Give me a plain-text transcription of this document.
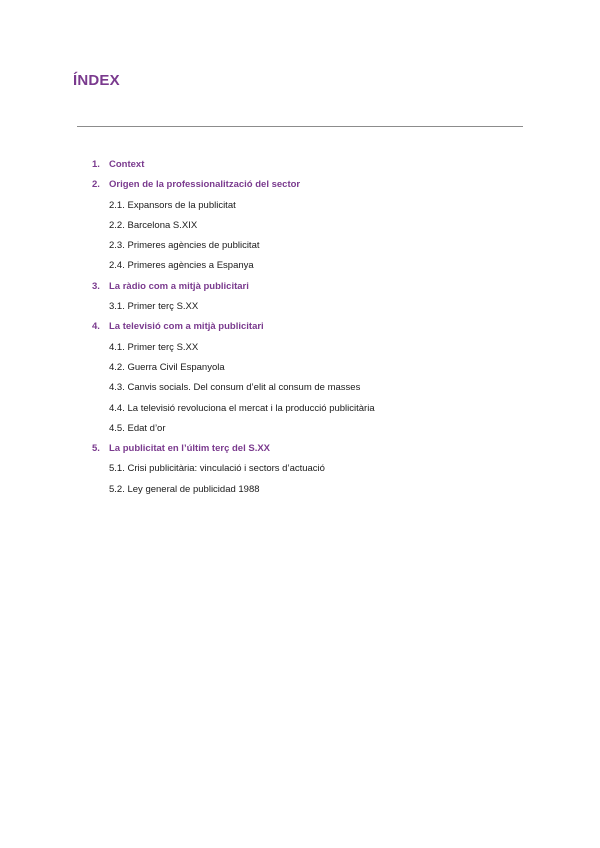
ÍNDEX
1. Context
2. Origen de la professionalització del sector
2.1. Expansors de la publicitat
2.2. Barcelona S.XIX
2.3. Primeres agències de publicitat
2.4. Primeres agències a Espanya
3. La ràdio com a mitjà publicitari
3.1. Primer terç S.XX
4. La televisió com a mitjà publicitari
4.1. Primer terç S.XX
4.2. Guerra Civil Espanyola
4.3. Canvis socials. Del consum d’elit al consum de masses
4.4. La televisió revoluciona el mercat i la producció publicitària
4.5. Edat d’or
5. La publicitat en l’últim terç del S.XX
5.1. Crisi publicitària: vinculació i sectors d’actuació
5.2. Ley general de publicidad 1988
